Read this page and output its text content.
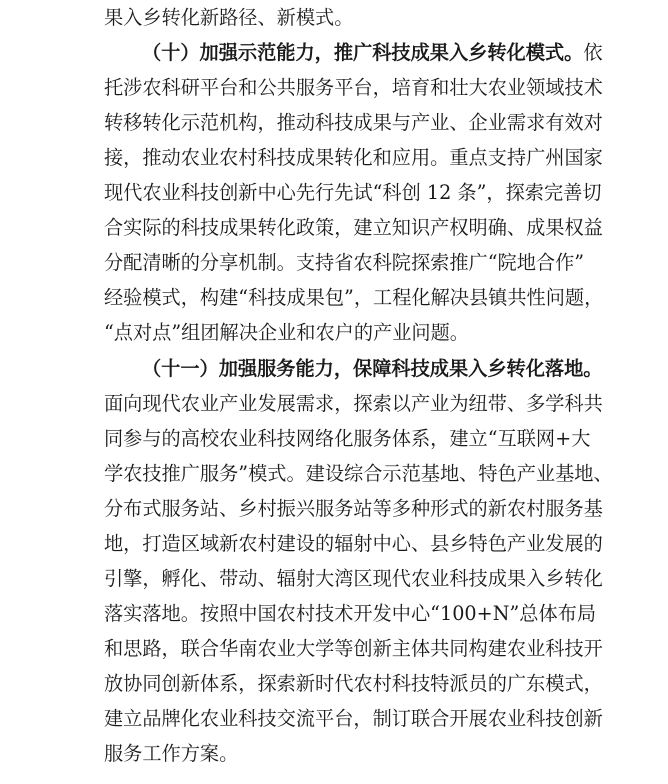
果入乡转化新路径、新模式。
（十）加强示范能力，推广科技成果入乡转化模式。依
托涉农科研平台和公共服务平台，培育和壮大农业领域技术
转移转化示范机构，推动科技成果与产业、企业需求有效对
接，推动农业农村科技成果转化和应用。重点支持广州国家
现代农业科技创新中心先行先试“科创 12 条”，探索完善切
合实际的科技成果转化政策，建立知识产权明确、成果权益
分配清晰的分享机制。支持省农科院探索推广“院地合作”
经验模式，构建“科技成果包”，工程化解决县镇共性问题，
“点对点”组团解决企业和农户的产业问题。
（十一）加强服务能力，保障科技成果入乡转化落地。
面向现代农业产业发展需求，探索以产业为纽带、多学科共
同参与的高校农业科技网络化服务体系，建立“互联网+大
学农技推广服务”模式。建设综合示范基地、特色产业基地、
分布式服务站、乡村振兴服务站等多种形式的新农村服务基
地，打造区域新农村建设的辐射中心、县乡特色产业发展的
引擎，孵化、带动、辐射大湾区现代农业科技成果入乡转化
落实落地。按照中国农村技术开发中心“100+N”总体布局
和思路，联合华南农业大学等创新主体共同构建农业科技开
放协同创新体系，探索新时代农村科技特派员的广东模式，
建立品牌化农业科技交流平台，制订联合开展农业科技创新
服务工作方案。
